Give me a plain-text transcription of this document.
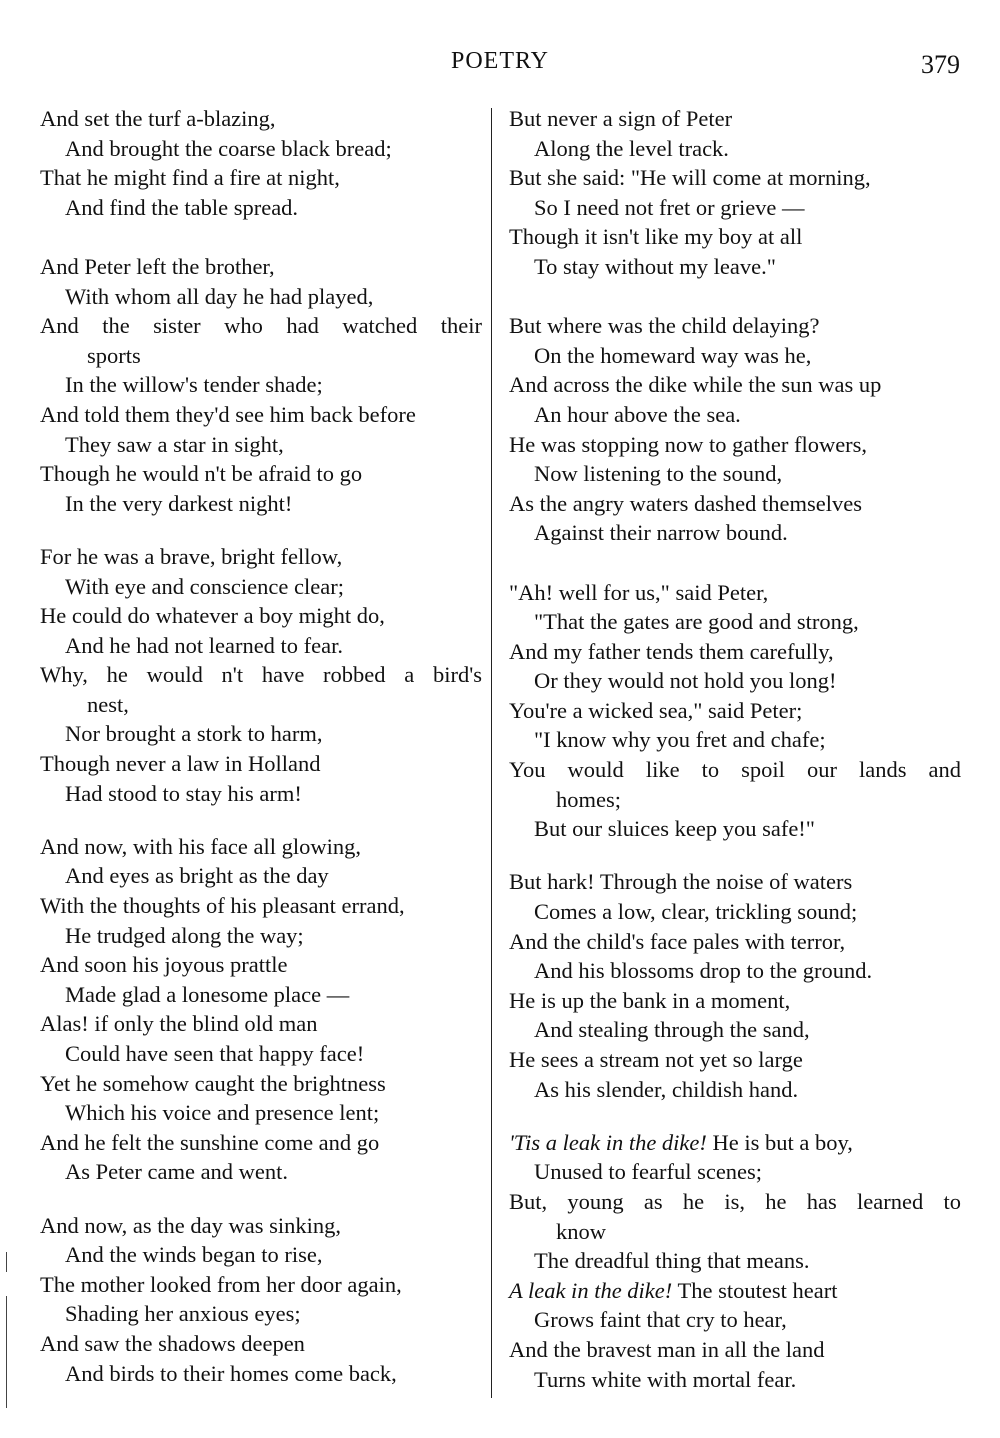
POETRY	379
And set the turf a-blazing,
And brought the coarse black bread;
That he might find a fire at night,
And find the table spread.
And Peter left the brother,
With whom all day he had played,
And the sister who had watched their
sports
In the willow's tender shade;
And told them they'd see him back before
They saw a star in sight,
Though he would n't be afraid to go
In the very darkest night!
For he was a brave, bright fellow,
With eye and conscience clear;
He could do whatever a boy might do,
And he had not learned to fear.
Why, he would n't have robbed a bird's
nest,
Nor brought a stork to harm,
Though never a law in Holland
Had stood to stay his arm!
And now, with his face all glowing,
And eyes as bright as the day
With the thoughts of his pleasant errand,
He trudged along the way;
And soon his joyous prattle
Made glad a lonesome place —
Alas! if only the blind old man
Could have seen that happy face!
Yet he somehow caught the brightness
Which his voice and presence lent;
And he felt the sunshine come and go
As Peter came and went.
And now, as the day was sinking,
And the winds began to rise,
The mother looked from her door again,
Shading her anxious eyes;
And saw the shadows deepen
And birds to their homes come back,
But never a sign of Peter
Along the level track.
But she said: "He will come at morning,
So I need not fret or grieve —
Though it isn't like my boy at all
To stay without my leave."
But where was the child delaying?
On the homeward way was he,
And across the dike while the sun was up
An hour above the sea.
He was stopping now to gather flowers,
Now listening to the sound,
As the angry waters dashed themselves
Against their narrow bound.
"Ah! well for us," said Peter,
"That the gates are good and strong,
And my father tends them carefully,
Or they would not hold you long!
You're a wicked sea," said Peter;
"I know why you fret and chafe;
You would like to spoil our lands and
homes;
But our sluices keep you safe!"
But hark! Through the noise of waters
Comes a low, clear, trickling sound;
And the child's face pales with terror,
And his blossoms drop to the ground.
He is up the bank in a moment,
And stealing through the sand,
He sees a stream not yet so large
As his slender, childish hand.
'Tis a leak in the dike! He is but a boy,
Unused to fearful scenes;
But, young as he is, he has learned to
know
The dreadful thing that means.
A leak in the dike! The stoutest heart
Grows faint that cry to hear,
And the bravest man in all the land
Turns white with mortal fear.
